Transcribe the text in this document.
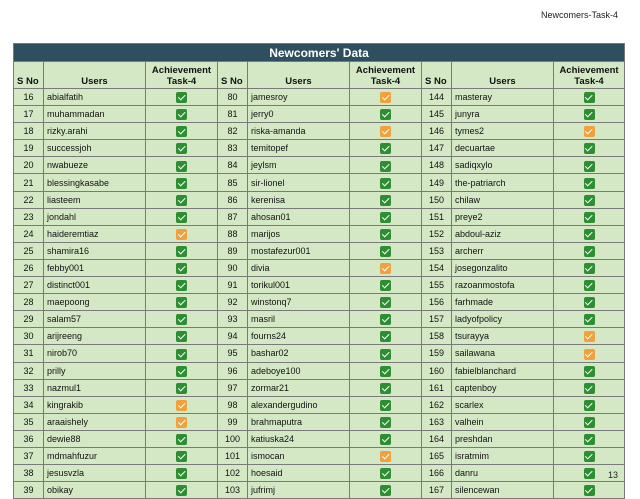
Newcomers-Task-4
Newcomers' Data								
S No	Users	Achievement
Task-4	S No	Users	Achievement
Task-4	S No	Users	Achievement
Task-4
16	abialfatih		80	jamesroy		144	masteray	
17	muhammadan		81	jerry0		145	junyra	
18	rizky.arahi		82	riska-amanda		146	tymes2	
19	successjoh		83	temitopef		147	decuartae	
20	nwabueze		84	jeylsm		148	sadiqxylo	
21	blessingkasabe		85	sir-lionel		149	the-patriarch	
22	liasteem		86	kerenisa		150	chilaw	
23	jondahl		87	ahosan01		151	preye2	
24	haideremtiaz		88	marijos		152	abdoul-aziz	
25	shamira16		89	mostafezur001		153	archerr	
26	febby001		90	divia		154	josegonzalito	
27	distinct001		91	torikul001		155	razoanmostofa	
28	maepoong		92	winstonq7		156	farhmade	
29	salam57		93	masril		157	ladyofpolicy	
30	arijreeng		94	fourns24		158	tsurayya	
31	nirob70		95	bashar02		159	sailawana	
32	prilly		96	adeboye100		160	fabielblanchard	
33	nazmul1		97	zormar21		161	captenboy	
34	kingrakib		98	alexandergudino		162	scarlex	
35	araaishely		99	brahmaputra		163	valhein	
36	dewie88		100	katiuska24		164	preshdan	
37	mdmahfuzur		101	ismocan		165	isratmim	
38	jesusvzla		102	hoesaid		166	danru	
39	obikay		103	jufrimj		167	silencewan	
13
